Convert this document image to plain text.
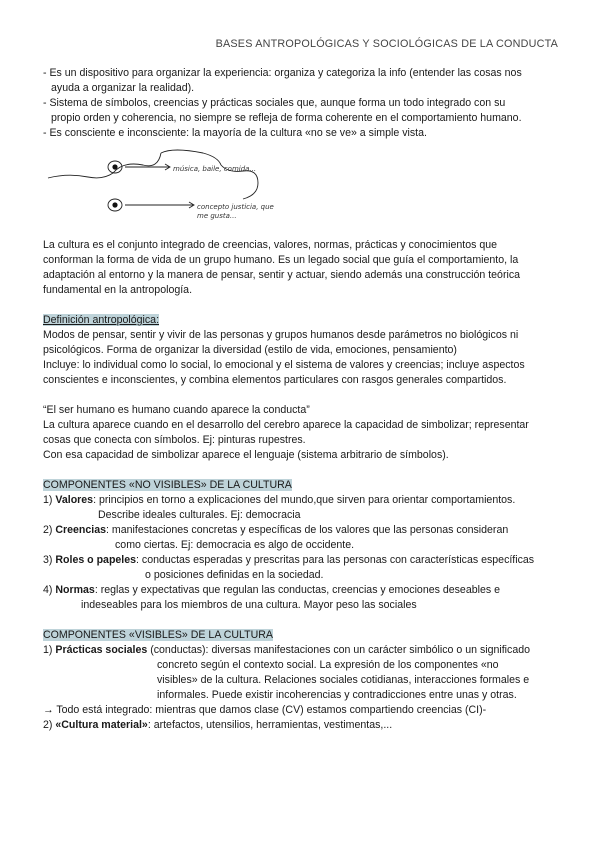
BASES ANTROPOLÓGICAS Y SOCIOLÓGICAS DE LA CONDUCTA
- Es un dispositivo para organizar la experiencia: organiza y categoriza la info (entender las cosas nos
ayuda a organizar la realidad).
- Sistema de símbolos, creencias y prácticas sociales que, aunque forma un todo integrado con su
propio orden y coherencia, no siempre se refleja de forma coherente en el comportamiento humano.
- Es consciente e inconsciente: la mayoría de la cultura «no se ve» a simple vista.
música, baile, comida...
concepto justicia, que
me gusta...
La cultura es el conjunto integrado de creencias, valores, normas, prácticas y conocimientos que
conforman la forma de vida de un grupo humano. Es un legado social que guía el comportamiento, la
adaptación al entorno y la manera de pensar, sentir y actuar, siendo además una construcción teórica
fundamental en la antropología.
Definición antropológica:
Modos de pensar, sentir y vivir de las personas y grupos humanos desde parámetros no biológicos ni
psicológicos. Forma de organizar la diversidad (estilo de vida, emociones, pensamiento)
Incluye: lo individual como lo social, lo emocional y el sistema de valores y creencias; incluye aspectos
conscientes e inconscientes, y combina elementos particulares con rasgos generales compartidos.
“El ser humano es humano cuando aparece la conducta”
La cultura aparece cuando en el desarrollo del cerebro aparece la capacidad de simbolizar; representar
cosas que conecta con símbolos. Ej: pinturas rupestres.
Con esa capacidad de simbolizar aparece el lenguaje (sistema arbitrario de símbolos).
COMPONENTES «NO VISIBLES» DE LA CULTURA
1) Valores: principios en torno a explicaciones del mundo,que sirven para orientar comportamientos.
Describe ideales culturales. Ej: democracia
2) Creencias: manifestaciones concretas y específicas de los valores que las personas consideran
como ciertas. Ej: democracia es algo de occidente.
3) Roles o papeles: conductas esperadas y prescritas para las personas con características específicas
o posiciones definidas en la sociedad.
4) Normas: reglas y expectativas que regulan las conductas, creencias y emociones deseables e
indeseables para los miembros de una cultura. Mayor peso las sociales
COMPONENTES «VISIBLES» DE LA CULTURA
1) Prácticas sociales (conductas): diversas manifestaciones con un carácter simbólico o un significado
concreto según el contexto social. La expresión de los componentes «no
visibles» de la cultura. Relaciones sociales cotidianas, interacciones formales e
informales. Puede existir incoherencias y contradicciones entre unas y otras.
→ Todo está integrado: mientras que damos clase (CV) estamos compartiendo creencias (CI)-
2) «Cultura material»: artefactos, utensilios, herramientas, vestimentas,...
